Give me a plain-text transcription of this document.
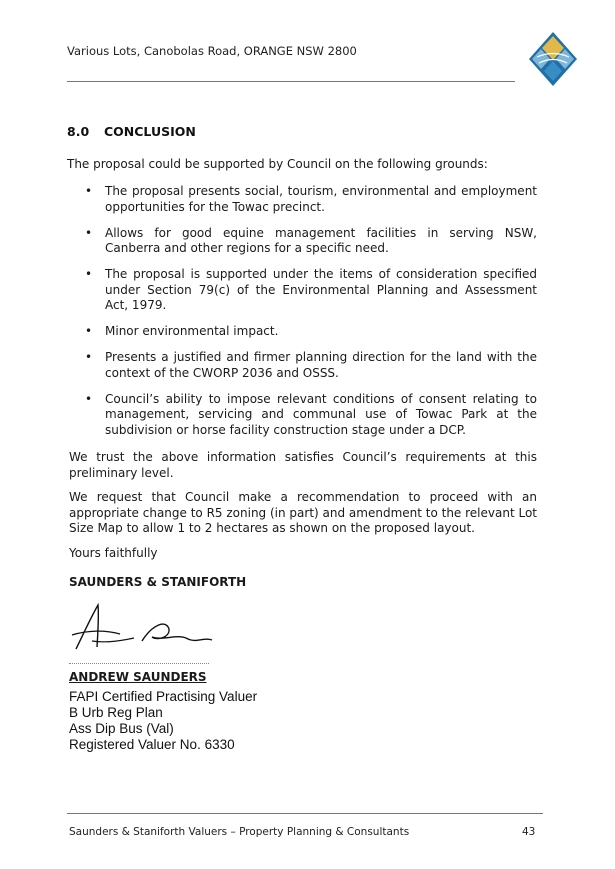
Various Lots, Canobolas Road, ORANGE NSW 2800
8.0 CONCLUSION
The proposal could be supported by Council on the following grounds:
• The proposal presents social, tourism, environmental and employment opportunities for the Towac precinct.
• Allows for good equine management facilities in serving NSW, Canberra and other regions for a specific need.
• The proposal is supported under the items of consideration specified under Section 79(c) of the Environmental Planning and Assessment Act, 1979.
• Minor environmental impact.
• Presents a justified and firmer planning direction for the land with the context of the CWORP 2036 and OSSS.
• Council’s ability to impose relevant conditions of consent relating to management, servicing and communal use of Towac Park at the subdivision or horse facility construction stage under a DCP.
We trust the above information satisfies Council’s requirements at this preliminary level.
We request that Council make a recommendation to proceed with an appropriate change to R5 zoning (in part) and amendment to the relevant Lot Size Map to allow 1 to 2 hectares as shown on the proposed layout.
Yours faithfully
SAUNDERS & STANIFORTH
ANDREW SAUNDERS
FAPI Certified Practising Valuer
B Urb Reg Plan
Ass Dip Bus (Val)
Registered Valuer No. 6330
Saunders & Staniforth Valuers – Property Planning & Consultants	43
